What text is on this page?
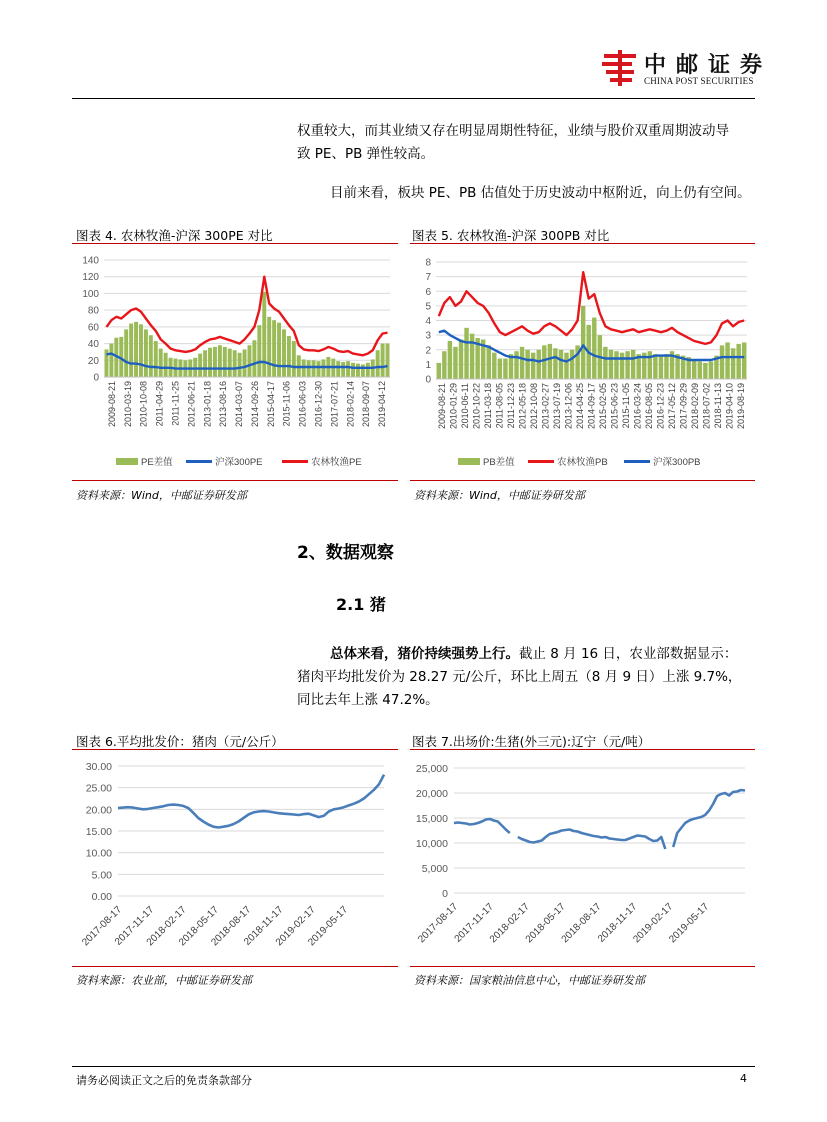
中邮证券
CHINA POST SECURITIES
权重较大，而其业绩又存在明显周期性特征，业绩与股价双重周期波动导
致 PE、PB 弹性较高。
目前来看，板块 PE、PB 估值处于历史波动中枢附近，向上仍有空间。
图表 4. 农林牧渔-沪深 300PE 对比
0
20
40
60
80
100
120
140
2009-08-21 2010-03-19 2010-10-08 2011-04-29 2011-11-25 2012-06-21 2013-01-18 2013-08-16 2014-03-07 2014-09-26 2015-04-17 2015-11-06 2016-06-03 2016-12-30 2017-07-21 2018-02-14 2018-09-07 2019-04-12
PE差值	沪深300PE	农林牧渔PE
资料来源：Wind，中邮证券研发部
图表 5. 农林牧渔-沪深 300PB 对比
0
1
2
3
4
5
6
7
8
2009-08-21 2010-01-29 2010-06-11 2010-10-22 2011-03-18 2011-08-05 2011-12-23 2012-05-18 2012-10-08 2013-02-27 2013-07-19 2013-12-06 2014-04-25 2014-09-17 2015-02-05 2015-06-23 2015-11-05 2016-03-24 2016-08-05 2016-12-23 2017-05-12 2017-09-29 2018-02-09 2018-07-02 2018-11-13 2019-04-10 2019-08-19
PB差值	农林牧渔PB	沪深300PB
资料来源：Wind，中邮证券研发部
2、数据观察
2.1 猪
总体来看，猪价持续强势上行。截止 8 月 16 日，农业部数据显示：
猪肉平均批发价为 28.27 元/公斤，环比上周五（8 月 9 日）上涨 9.7%，
同比去年上涨 47.2%。
图表 6.平均批发价：猪肉（元/公斤）
0.00
5.00
10.00
15.00
20.00
25.00
30.00
2017-08-17
2017-11-17
2018-02-17
2018-05-17
2018-08-17
2018-11-17
2019-02-17
2019-05-17
资料来源：农业部，中邮证券研发部
图表 7.出场价:生猪(外三元):辽宁（元/吨）
0
5,000
10,000
15,000
20,000
25,000
2017-08-17
2017-11-17
2018-02-17
2018-05-17
2018-08-17
2018-11-17
2019-02-17
2019-05-17
资料来源：国家粮油信息中心，中邮证券研发部
请务必阅读正文之后的免责条款部分	4
